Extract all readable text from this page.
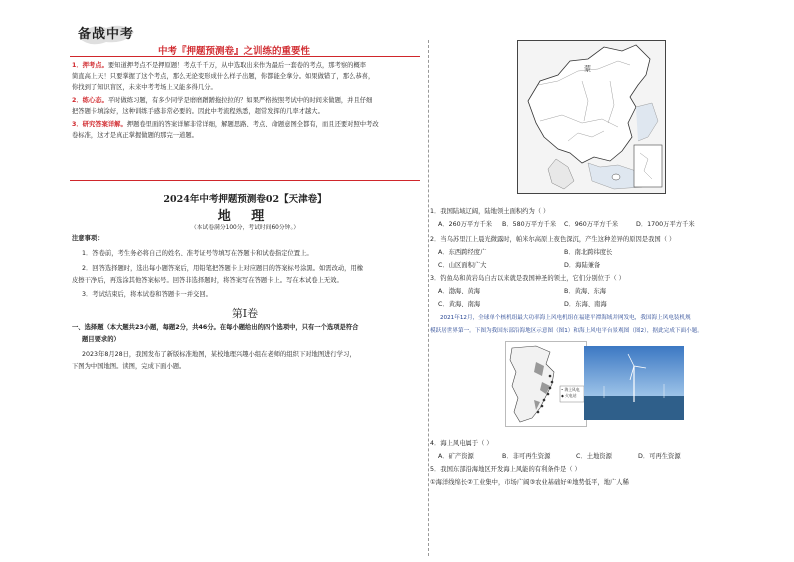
备战中考
中考『押题预测卷』之训练的重要性
1．押考点。要知道押考点不是押原题！考点千千万，从中选取出来作为最后一套卷的考点，那考察的概率
简直高上天！只要掌握了这个考点，那么无论变形成什么样子出题，你都能全拿分。如果做错了，那么恭喜，
你找到了知识盲区，未来中考考场上又能多得几分。
2．练心态。平时做练习题，有多少同学是磨磨蹭蹭拖拉拉的？如果严格按照考试中的时间来做题，并且仔细
把答题卡填涂好，这种训练手感非常必要的。因此中考流程熟悉，超常发挥的几率才越大。
3．研究答案详解。押题卷里面的答案详解非常详细，解题思路、考点、命题意图全都有，而且还要对照中考改
卷标准，这才是真正掌握做题的那完一道题。
2024年中考押题预测卷02【天津卷】
地 理
（本试卷满分100分，考试时间60分钟。）
注意事项：
1．答卷前，考生务必将自己的姓名、准考证号等填写在答题卡和试卷指定位置上。
2．回答选择题时，选出每小题答案后，用铅笔把答题卡上对应题目的答案标号涂黑。如需改动，用橡
皮擦干净后，再选涂其他答案标号。回答非选择题时，将答案写在答题卡上。写在本试卷上无效。
3．考试结束后，将本试卷和答题卡一并交回。
第Ⅰ卷
一、选择题（本大题共23小题，每题2分，共46分。在每小题给出的四个选项中，只有一个选项是符合
题目要求的）
2023年8月28日，我国发布了新版标准地图，某校地理兴趣小组在老师的组织下对地图进行学习，
下图为中国地图。读图，完成下面小题。
蒙
1．我国陆域辽阔，陆地领土面积约为（ ）
A．260万平方千米 B．580万平方千米 C．960万平方千米	D．1700万平方千米
2．当乌苏里江上晨光微露时，帕米尔高原上夜色深沉，产生这种差异的原因是我国（ ）
A．东西跨经度广	B．南北跨纬度长
C．山区面积广大	D．海陆兼备
3．钓鱼岛和黄岩岛自古以来就是我国神圣的领土，它们分别位于（ ）
A．渤海、黄海	B．黄海、东海
C．黄海、南海	D．东海、南海
2021年12月，全球单个核机组最大功率海上风电机组在福建平潭海域并网发电，我国海上风电装机规
模跃居世界第一。下图为我国东部沿海地区示意图（图1）和海上风电平台景观图（图2），据此完成下面小题。
• 海上风电
◆ 火电站
4．海上风电属于（ ）
A．矿产资源	B．非可再生资源	C．土地资源	D．可再生资源
5．我国东部沿海地区开发海上风能的有利条件是（ ）
①海洋线绵长②工业集中，市场广阔③农业基础好④地势低平，地广人稀
